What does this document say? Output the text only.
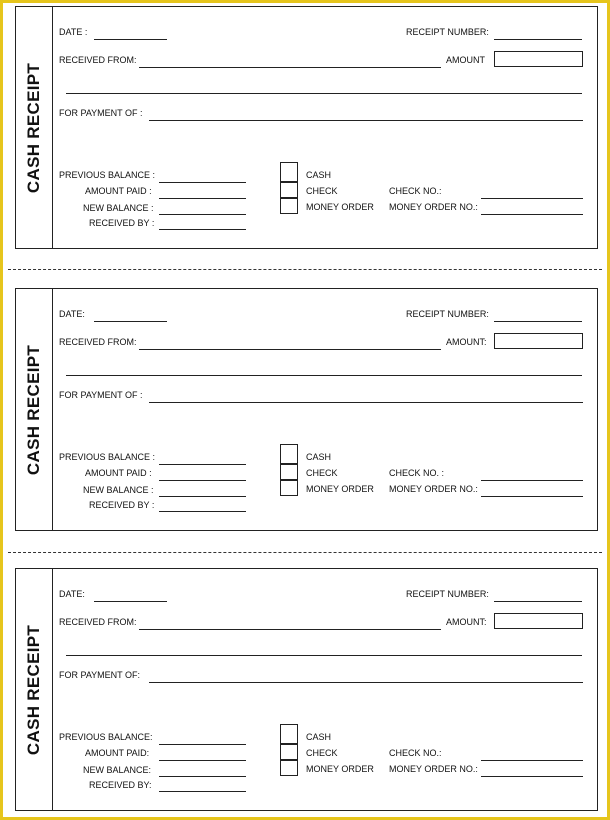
CASH RECEIPT
DATE :	RECEIPT NUMBER:
RECEIVED FROM:	AMOUNT
FOR PAYMENT OF :
PREVIOUS BALANCE :
AMOUNT PAID :
NEW BALANCE :
RECEIVED BY :
CASH
CHECK
MONEY ORDER
CHECK NO.:
MONEY ORDER NO.:
CASH RECEIPT
DATE:	RECEIPT NUMBER:
RECEIVED FROM:	AMOUNT:
FOR PAYMENT OF :
PREVIOUS BALANCE :
AMOUNT PAID :
NEW BALANCE :
RECEIVED BY :
CASH
CHECK
MONEY ORDER
CHECK NO. :
MONEY ORDER NO.:
CASH RECEIPT
DATE:	RECEIPT NUMBER:
RECEIVED FROM:	AMOUNT:
FOR PAYMENT OF:
PREVIOUS BALANCE:
AMOUNT PAID:
NEW BALANCE:
RECEIVED BY:
CASH
CHECK
MONEY ORDER
CHECK NO.:
MONEY ORDER NO.:
